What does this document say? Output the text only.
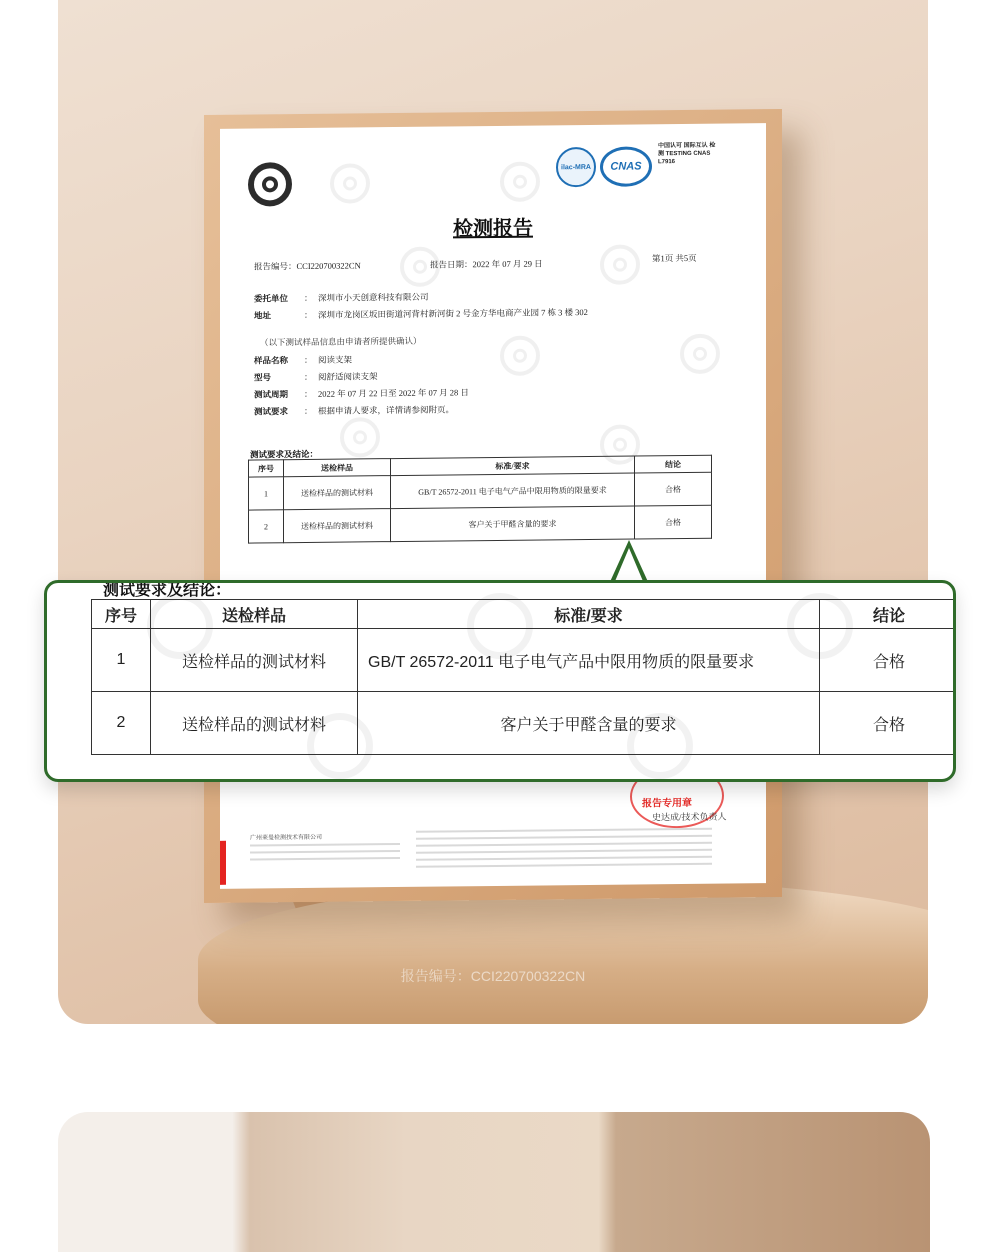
ilac-MRA CNAS
中国认可 国际互认 检测 TESTING CNAS L7916
检测报告
报告编号：CCI220700322CN	报告日期：2022 年 07 月 29 日
第1页 共5页
委托单位 ： 深圳市小天创意科技有限公司
地址	： 深圳市龙岗区坂田街道河背村新河街 2 号金方华电商产业园 7 栋 3 楼 302
（以下测试样品信息由申请者所提供确认）
样品名称 ： 阅读支架
型号	： 阅舒适阅读支架
测试周期 ： 2022 年 07 月 22 日至 2022 年 07 月 28 日
测试要求 ： 根据申请人要求，详情请参阅附页。
测试要求及结论：
序号	送检样品	标准/要求	结论
1	送检样品的测试材料	GB/T 26572-2011 电子电气产品中限用物质的限量要求	合格
2	送检样品的测试材料	客户关于甲醛含量的要求	合格
报告专用章
史达成/技术负责人
广州莱曼检测技术有限公司
报告编号：CCI220700322CN
测试要求及结论：
序号	送检样品	标准/要求	结论
1	送检样品的测试材料	GB/T 26572-2011 电子电气产品中限用物质的限量要求	合格
2	送检样品的测试材料	客户关于甲醛含量的要求	合格
